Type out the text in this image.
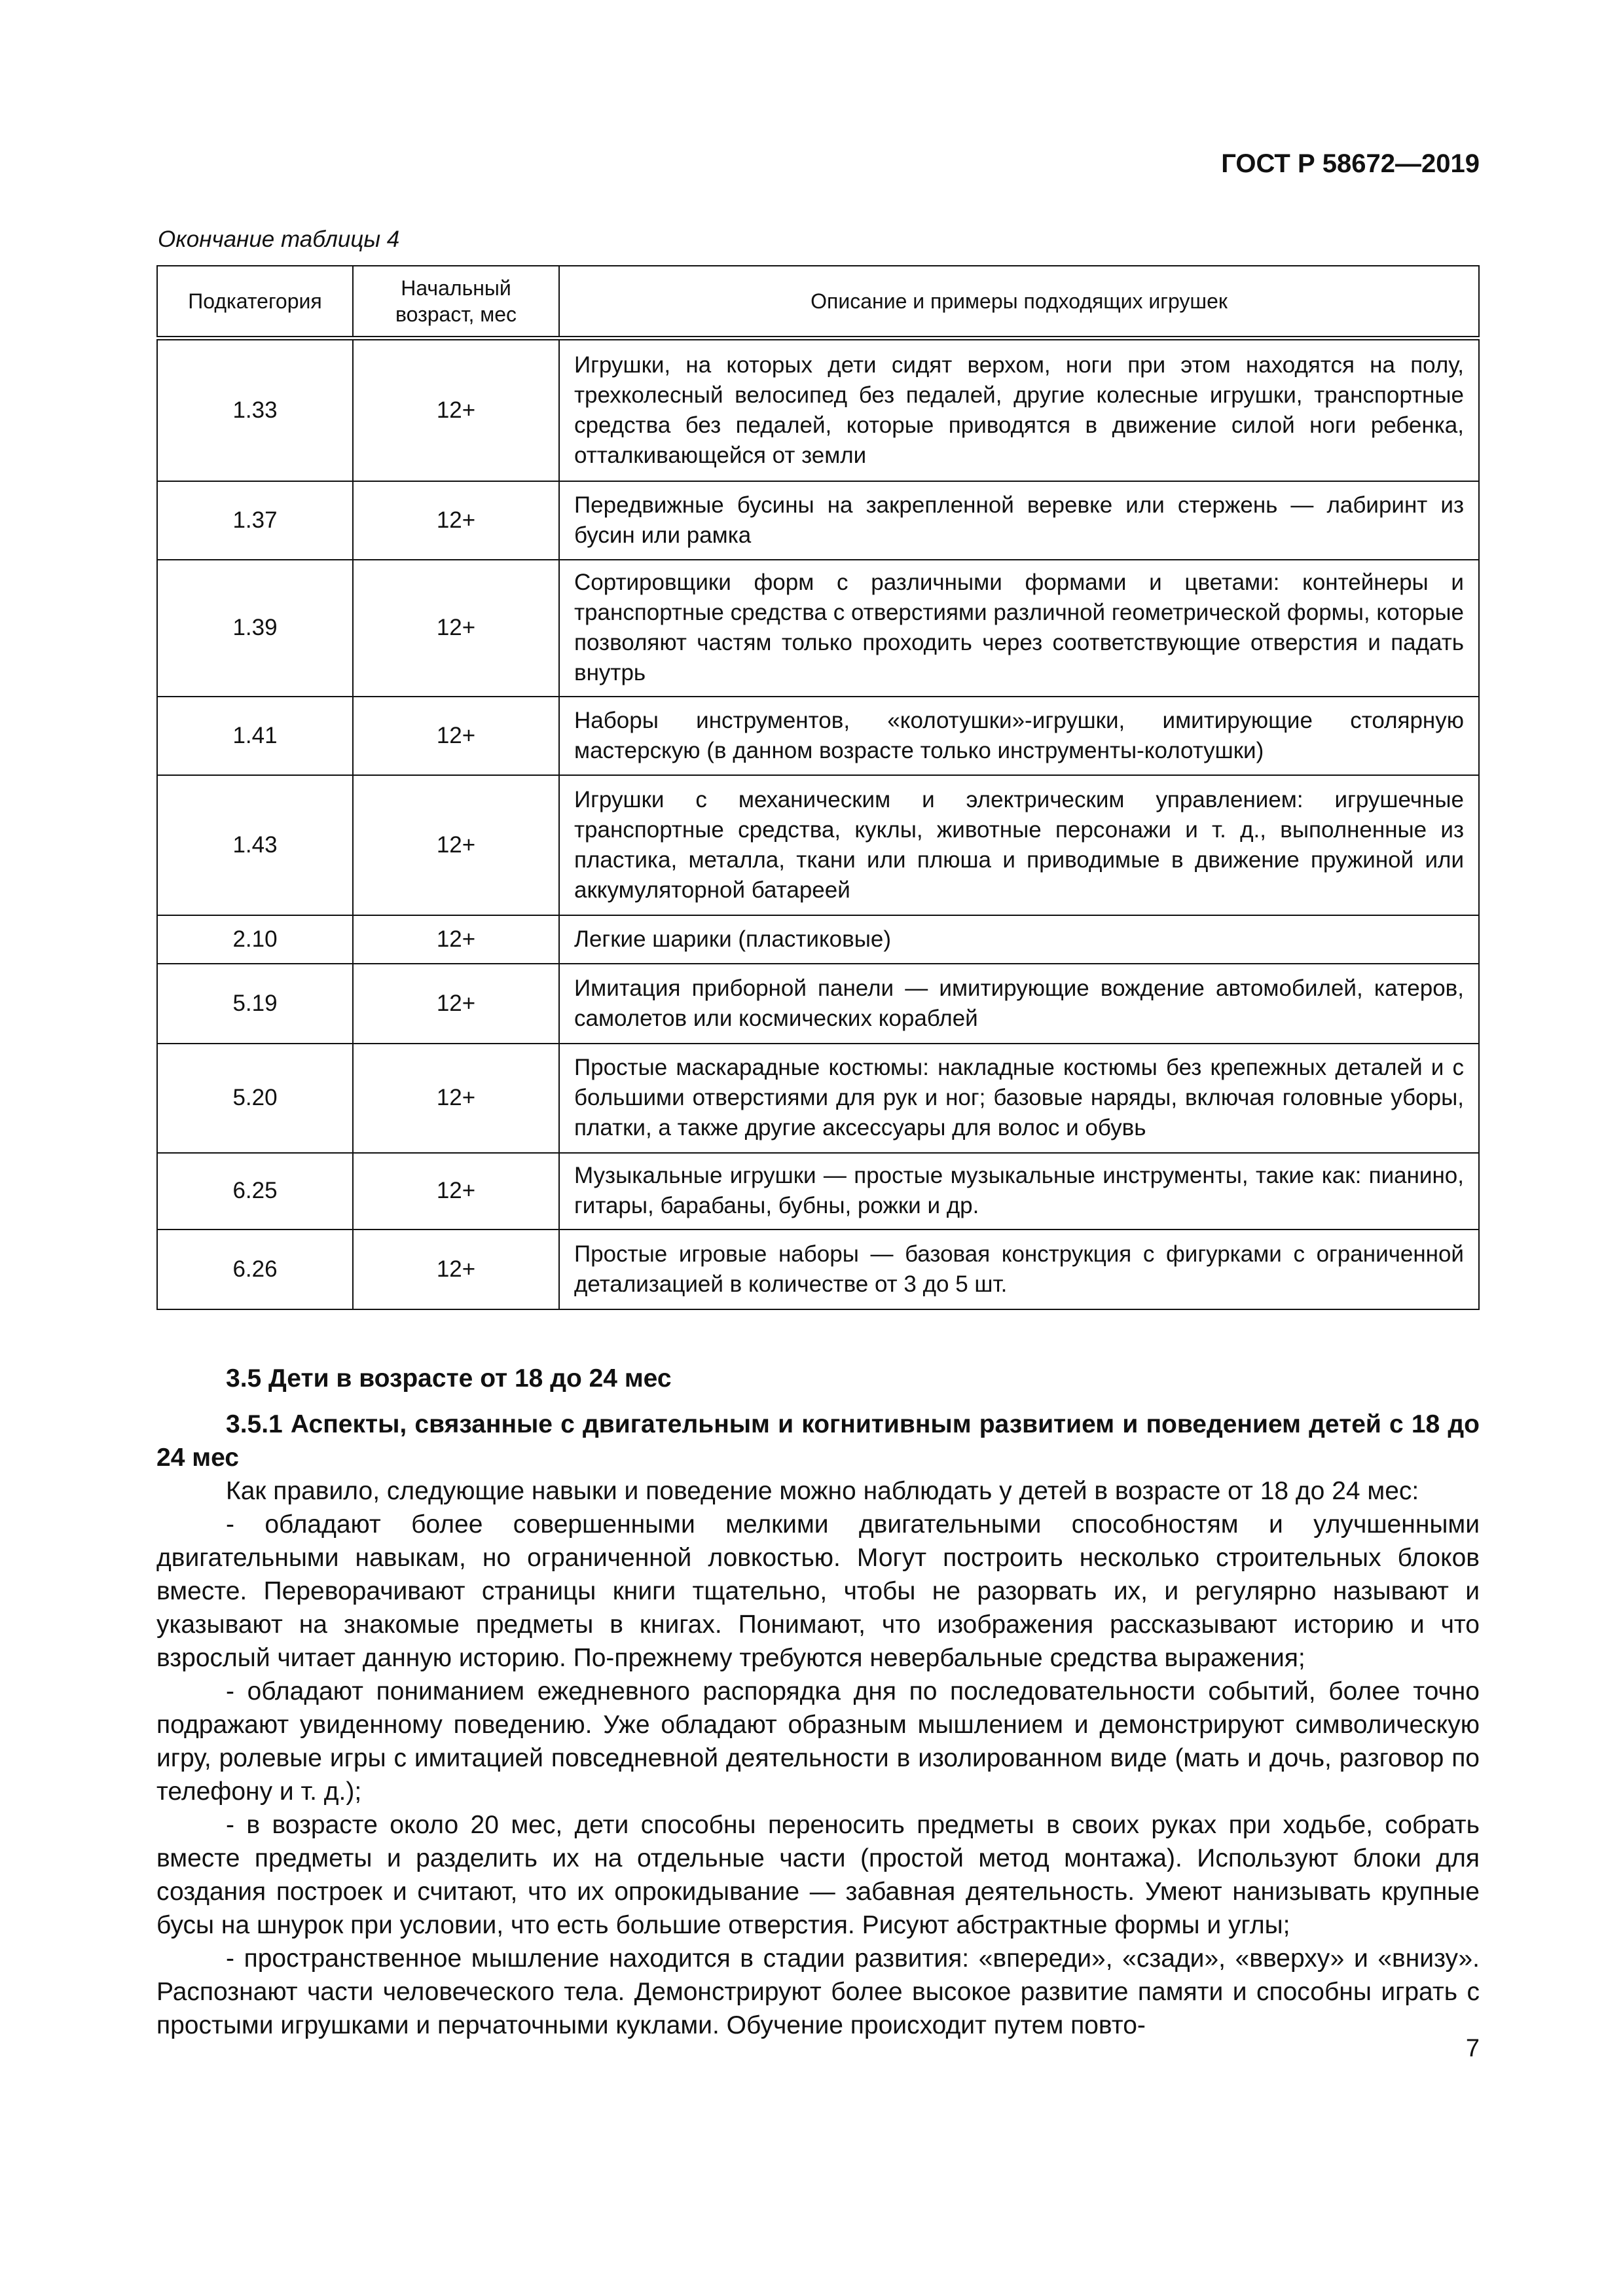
ГОСТ Р 58672—2019
Окончание таблицы 4
Подкатегория	Начальный возраст, мес	Описание и примеры подходящих игрушек
1.33	12+	Игрушки, на которых дети сидят верхом, ноги при этом находятся на полу, трехколесный велосипед без педалей, другие колесные игрушки, транспортные средства без педалей, которые приводятся в движение силой ноги ребенка, отталкивающейся от земли
1.37	12+	Передвижные бусины на закрепленной веревке или стержень — лабиринт из бусин или рамка
1.39	12+	Сортировщики форм с различными формами и цветами: контейнеры и транспортные средства с отверстиями различной геометрической формы, которые позволяют частям только проходить через соответствующие отверстия и падать внутрь
1.41	12+	Наборы инструментов, «колотушки»-игрушки, имитирующие столярную мастерскую (в данном возрасте только инструменты-колотушки)
1.43	12+	Игрушки с механическим и электрическим управлением: игрушечные транспортные средства, куклы, животные персонажи и т. д., выполненные из пластика, металла, ткани или плюша и приводимые в движение пружиной или аккумуляторной батареей
2.10	12+	Легкие шарики (пластиковые)
5.19	12+	Имитация приборной панели — имитирующие вождение автомобилей, катеров, самолетов или космических кораблей
5.20	12+	Простые маскарадные костюмы: накладные костюмы без крепежных деталей и с большими отверстиями для рук и ног; базовые наряды, включая головные уборы, платки, а также другие аксессуары для волос и обувь
6.25	12+	Музыкальные игрушки — простые музыкальные инструменты, такие как: пианино, гитары, барабаны, бубны, рожки и др.
6.26	12+	Простые игровые наборы — базовая конструкция с фигурками с ограниченной детализацией в количестве от 3 до 5 шт.

3.5 Дети в возрасте от 18 до 24 мес

3.5.1 Аспекты, связанные с двигательным и когнитивным развитием и поведением детей с 18 до 24 мес

Как правило, следующие навыки и поведение можно наблюдать у детей в возрасте от 18 до 24 мес:

- обладают более совершенными мелкими двигательными способностям и улучшенными двигательными навыкам, но ограниченной ловкостью. Могут построить несколько строительных блоков вместе. Переворачивают страницы книги тщательно, чтобы не разорвать их, и регулярно называют и указывают на знакомые предметы в книгах. Понимают, что изображения рассказывают историю и что взрослый читает данную историю. По-прежнему требуются невербальные средства выражения;

- обладают пониманием ежедневного распорядка дня по последовательности событий, более точно подражают увиденному поведению. Уже обладают образным мышлением и демонстрируют символическую игру, ролевые игры с имитацией повседневной деятельности в изолированном виде (мать и дочь, разговор по телефону и т. д.);

- в возрасте около 20 мес, дети способны переносить предметы в своих руках при ходьбе, собрать вместе предметы и разделить их на отдельные части (простой метод монтажа). Используют блоки для создания построек и считают, что их опрокидывание — забавная деятельность. Умеют нанизывать крупные бусы на шнурок при условии, что есть большие отверстия. Рисуют абстрактные формы и углы;

- пространственное мышление находится в стадии развития: «впереди», «сзади», «вверху» и «внизу». Распознают части человеческого тела. Демонстрируют более высокое развитие памяти и способны играть с простыми игрушками и перчаточными куклами. Обучение происходит путем повто-

7
